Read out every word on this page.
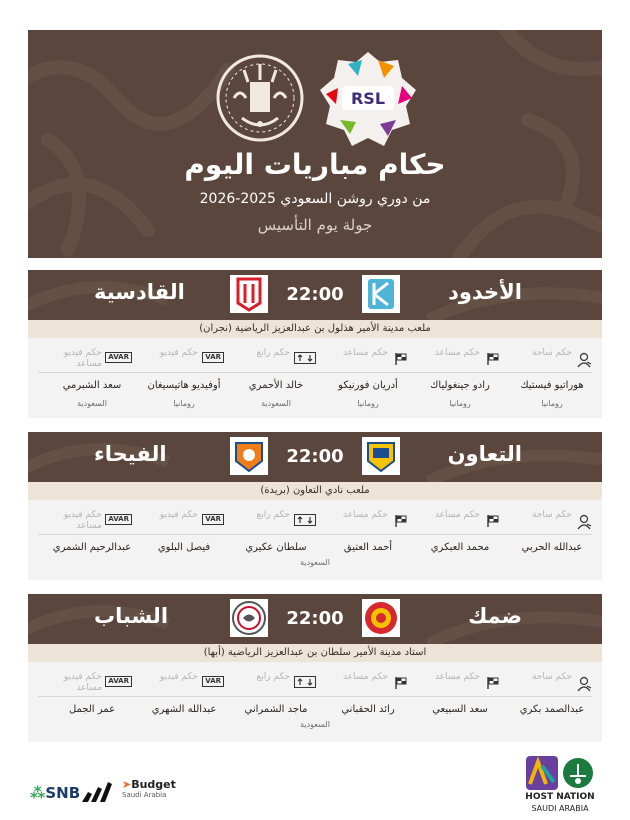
RSL
حكام مباريات اليوم
من دوري روشن السعودي 2025-2026
جولة يوم التأسيس
الأخدود
22:00
القادسية
ملعب مدينة الأمير هذلول بن عبدالعزيز الرياضية (نجران)
حكم ساحة
هوراتيو فيستيك
رومانيا
حكم مساعد
رادو جينغولياك
رومانيا
حكم مساعد
أدريان فورنيكو
رومانيا
حكم رابع
خالد الأحمري
السعودية
VAR
حكم فيديو
أوفيديو هاتيسيغان
رومانيا
AVAR
حكم فيديو مساعد
سعد الشبرمي
السعودية
التعاون
22:00
الفيحاء
ملعب نادي التعاون (بريدة)
حكم ساحة
عبدالله الحربي
حكم مساعد
محمد العبكري
حكم مساعد
أحمد العتيق
حكم رابع
سلطان عكيري
VAR
حكم فيديو
فيصل البلوي
AVAR
حكم فيديو مساعد
عبدالرحيم الشمري
السعودية
ضمك
22:00
الشباب
استاد مدينة الأمير سلطان بن عبدالعزيز الرياضية (أبها)
حكم ساحة
عبدالصمد بكري
حكم مساعد
سعد السبيعي
حكم مساعد
رائد الحقباني
حكم رابع
ماجد الشمراني
VAR
حكم فيديو
عبدالله الشهري
AVAR
حكم فيديو مساعد
عمر الجمل
السعودية
⁂SNB	➤Budget
Saudi Arabia	HOST NATION
SAUDI ARABIA
